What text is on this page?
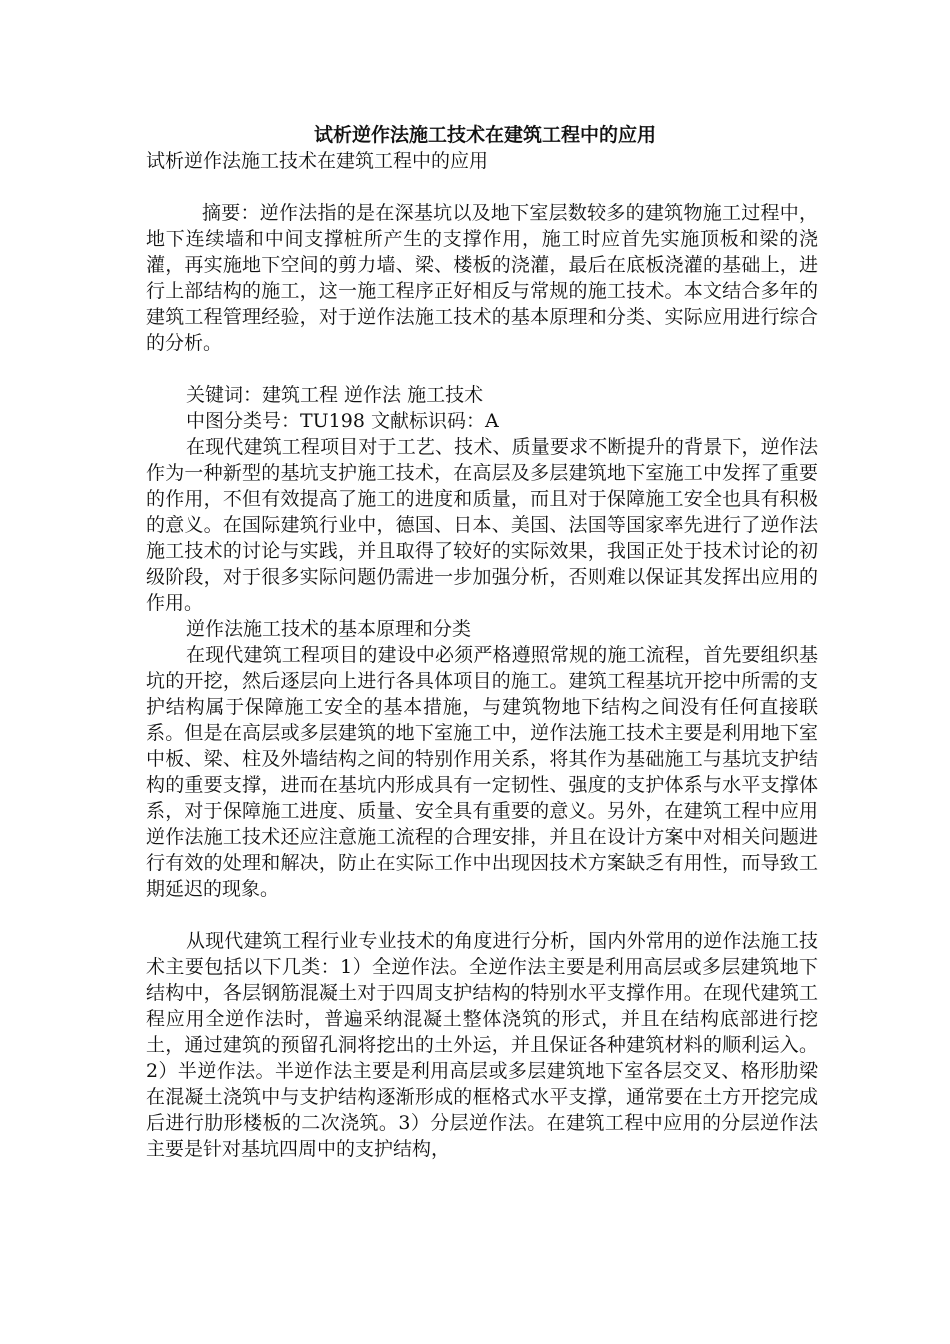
试析逆作法施工技术在建筑工程中的应用

试析逆作法施工技术在建筑工程中的应用

摘要：逆作法指的是在深基坑以及地下室层数较多的建筑物施工过程中，地下连续墙和中间支撑桩所产生的支撑作用，施工时应首先实施顶板和梁的浇灌，再实施地下空间的剪力墙、梁、楼板的浇灌，最后在底板浇灌的基础上，进行上部结构的施工，这一施工程序正好相反与常规的施工技术。本文结合多年的建筑工程管理经验，对于逆作法施工技术的基本原理和分类、实际应用进行综合的分析。

关键词：建筑工程 逆作法 施工技术

中图分类号：TU198 文献标识码：A

在现代建筑工程项目对于工艺、技术、质量要求不断提升的背景下，逆作法作为一种新型的基坑支护施工技术，在高层及多层建筑地下室施工中发挥了重要的作用，不但有效提高了施工的进度和质量，而且对于保障施工安全也具有积极的意义。在国际建筑行业中，德国、日本、美国、法国等国家率先进行了逆作法施工技术的讨论与实践，并且取得了较好的实际效果，我国正处于技术讨论的初级阶段，对于很多实际问题仍需进一步加强分析，否则难以保证其发挥出应用的作用。

逆作法施工技术的基本原理和分类

在现代建筑工程项目的建设中必须严格遵照常规的施工流程，首先要组织基坑的开挖，然后逐层向上进行各具体项目的施工。建筑工程基坑开挖中所需的支护结构属于保障施工安全的基本措施，与建筑物地下结构之间没有任何直接联系。但是在高层或多层建筑的地下室施工中，逆作法施工技术主要是利用地下室中板、梁、柱及外墙结构之间的特别作用关系，将其作为基础施工与基坑支护结构的重要支撑，进而在基坑内形成具有一定韧性、强度的支护体系与水平支撑体系，对于保障施工进度、质量、安全具有重要的意义。另外，在建筑工程中应用逆作法施工技术还应注意施工流程的合理安排，并且在设计方案中对相关问题进行有效的处理和解决，防止在实际工作中出现因技术方案缺乏有用性，而导致工期延迟的现象。

从现代建筑工程行业专业技术的角度进行分析，国内外常用的逆作法施工技术主要包括以下几类：1）全逆作法。全逆作法主要是利用高层或多层建筑地下结构中，各层钢筋混凝土对于四周支护结构的特别水平支撑作用。在现代建筑工程应用全逆作法时，普遍采纳混凝土整体浇筑的形式，并且在结构底部进行挖土，通过建筑的预留孔洞将挖出的土外运，并且保证各种建筑材料的顺利运入。2）半逆作法。半逆作法主要是利用高层或多层建筑地下室各层交叉、格形肋梁在混凝土浇筑中与支护结构逐渐形成的框格式水平支撑，通常要在土方开挖完成后进行肋形楼板的二次浇筑。3）分层逆作法。在建筑工程中应用的分层逆作法主要是针对基坑四周中的支护结构，
